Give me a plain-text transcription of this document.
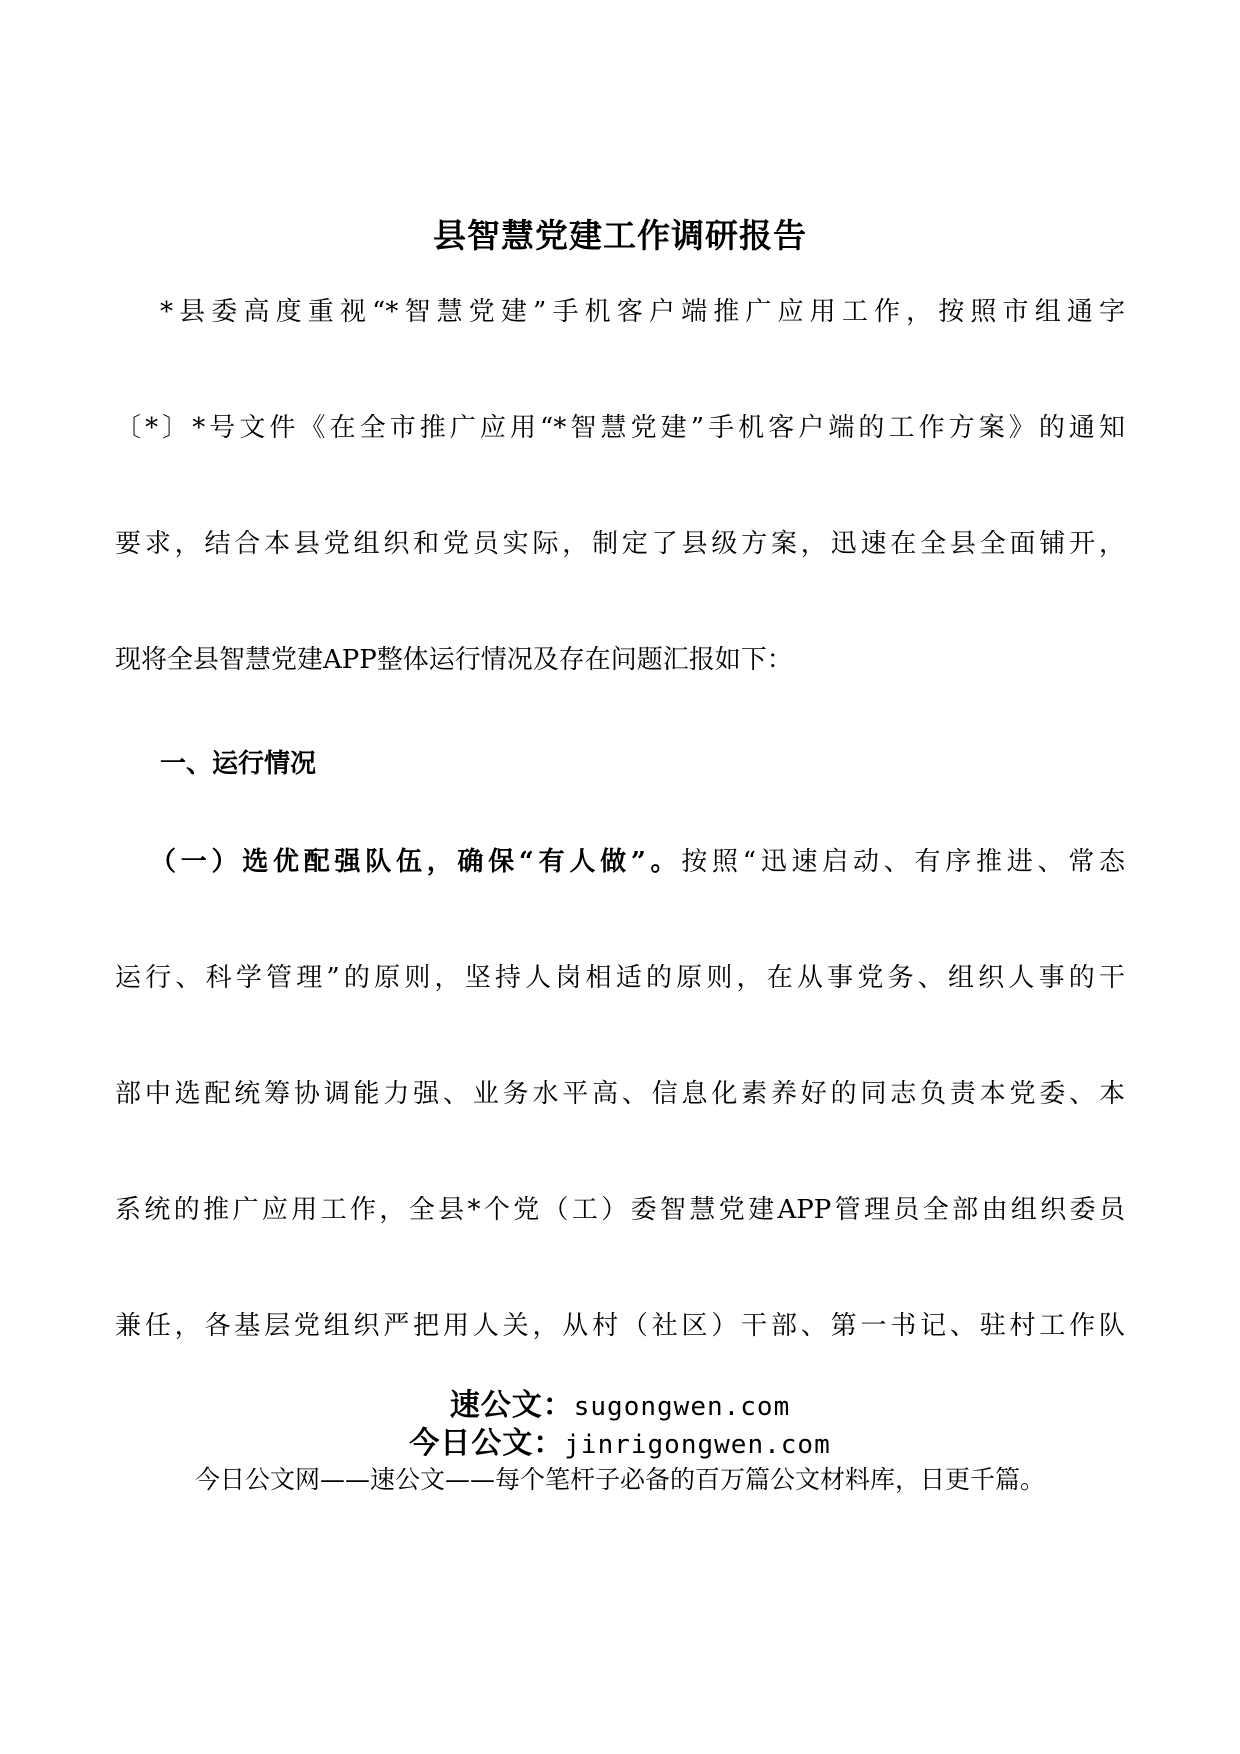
县智慧党建工作调研报告
*县委高度重视“*智慧党建”手机客户端推广应用工作，按照市组通字
〔*〕*号文件《在全市推广应用“*智慧党建”手机客户端的工作方案》的通知
要求，结合本县党组织和党员实际，制定了县级方案，迅速在全县全面铺开，
现将全县智慧党建APP整体运行情况及存在问题汇报如下：
一、运行情况
（一）选优配强队伍，确保“有人做”。按照“迅速启动、有序推进、常态
运行、科学管理”的原则，坚持人岗相适的原则，在从事党务、组织人事的干
部中选配统筹协调能力强、业务水平高、信息化素养好的同志负责本党委、本
系统的推广应用工作，全县*个党（工）委智慧党建APP管理员全部由组织委员
兼任，各基层党组织严把用人关，从村（社区）干部、第一书记、驻村工作队
速公文：sugongwen.com
今日公文：jinrigongwen.com
今日公文网——速公文——每个笔杆子必备的百万篇公文材料库，日更千篇。
